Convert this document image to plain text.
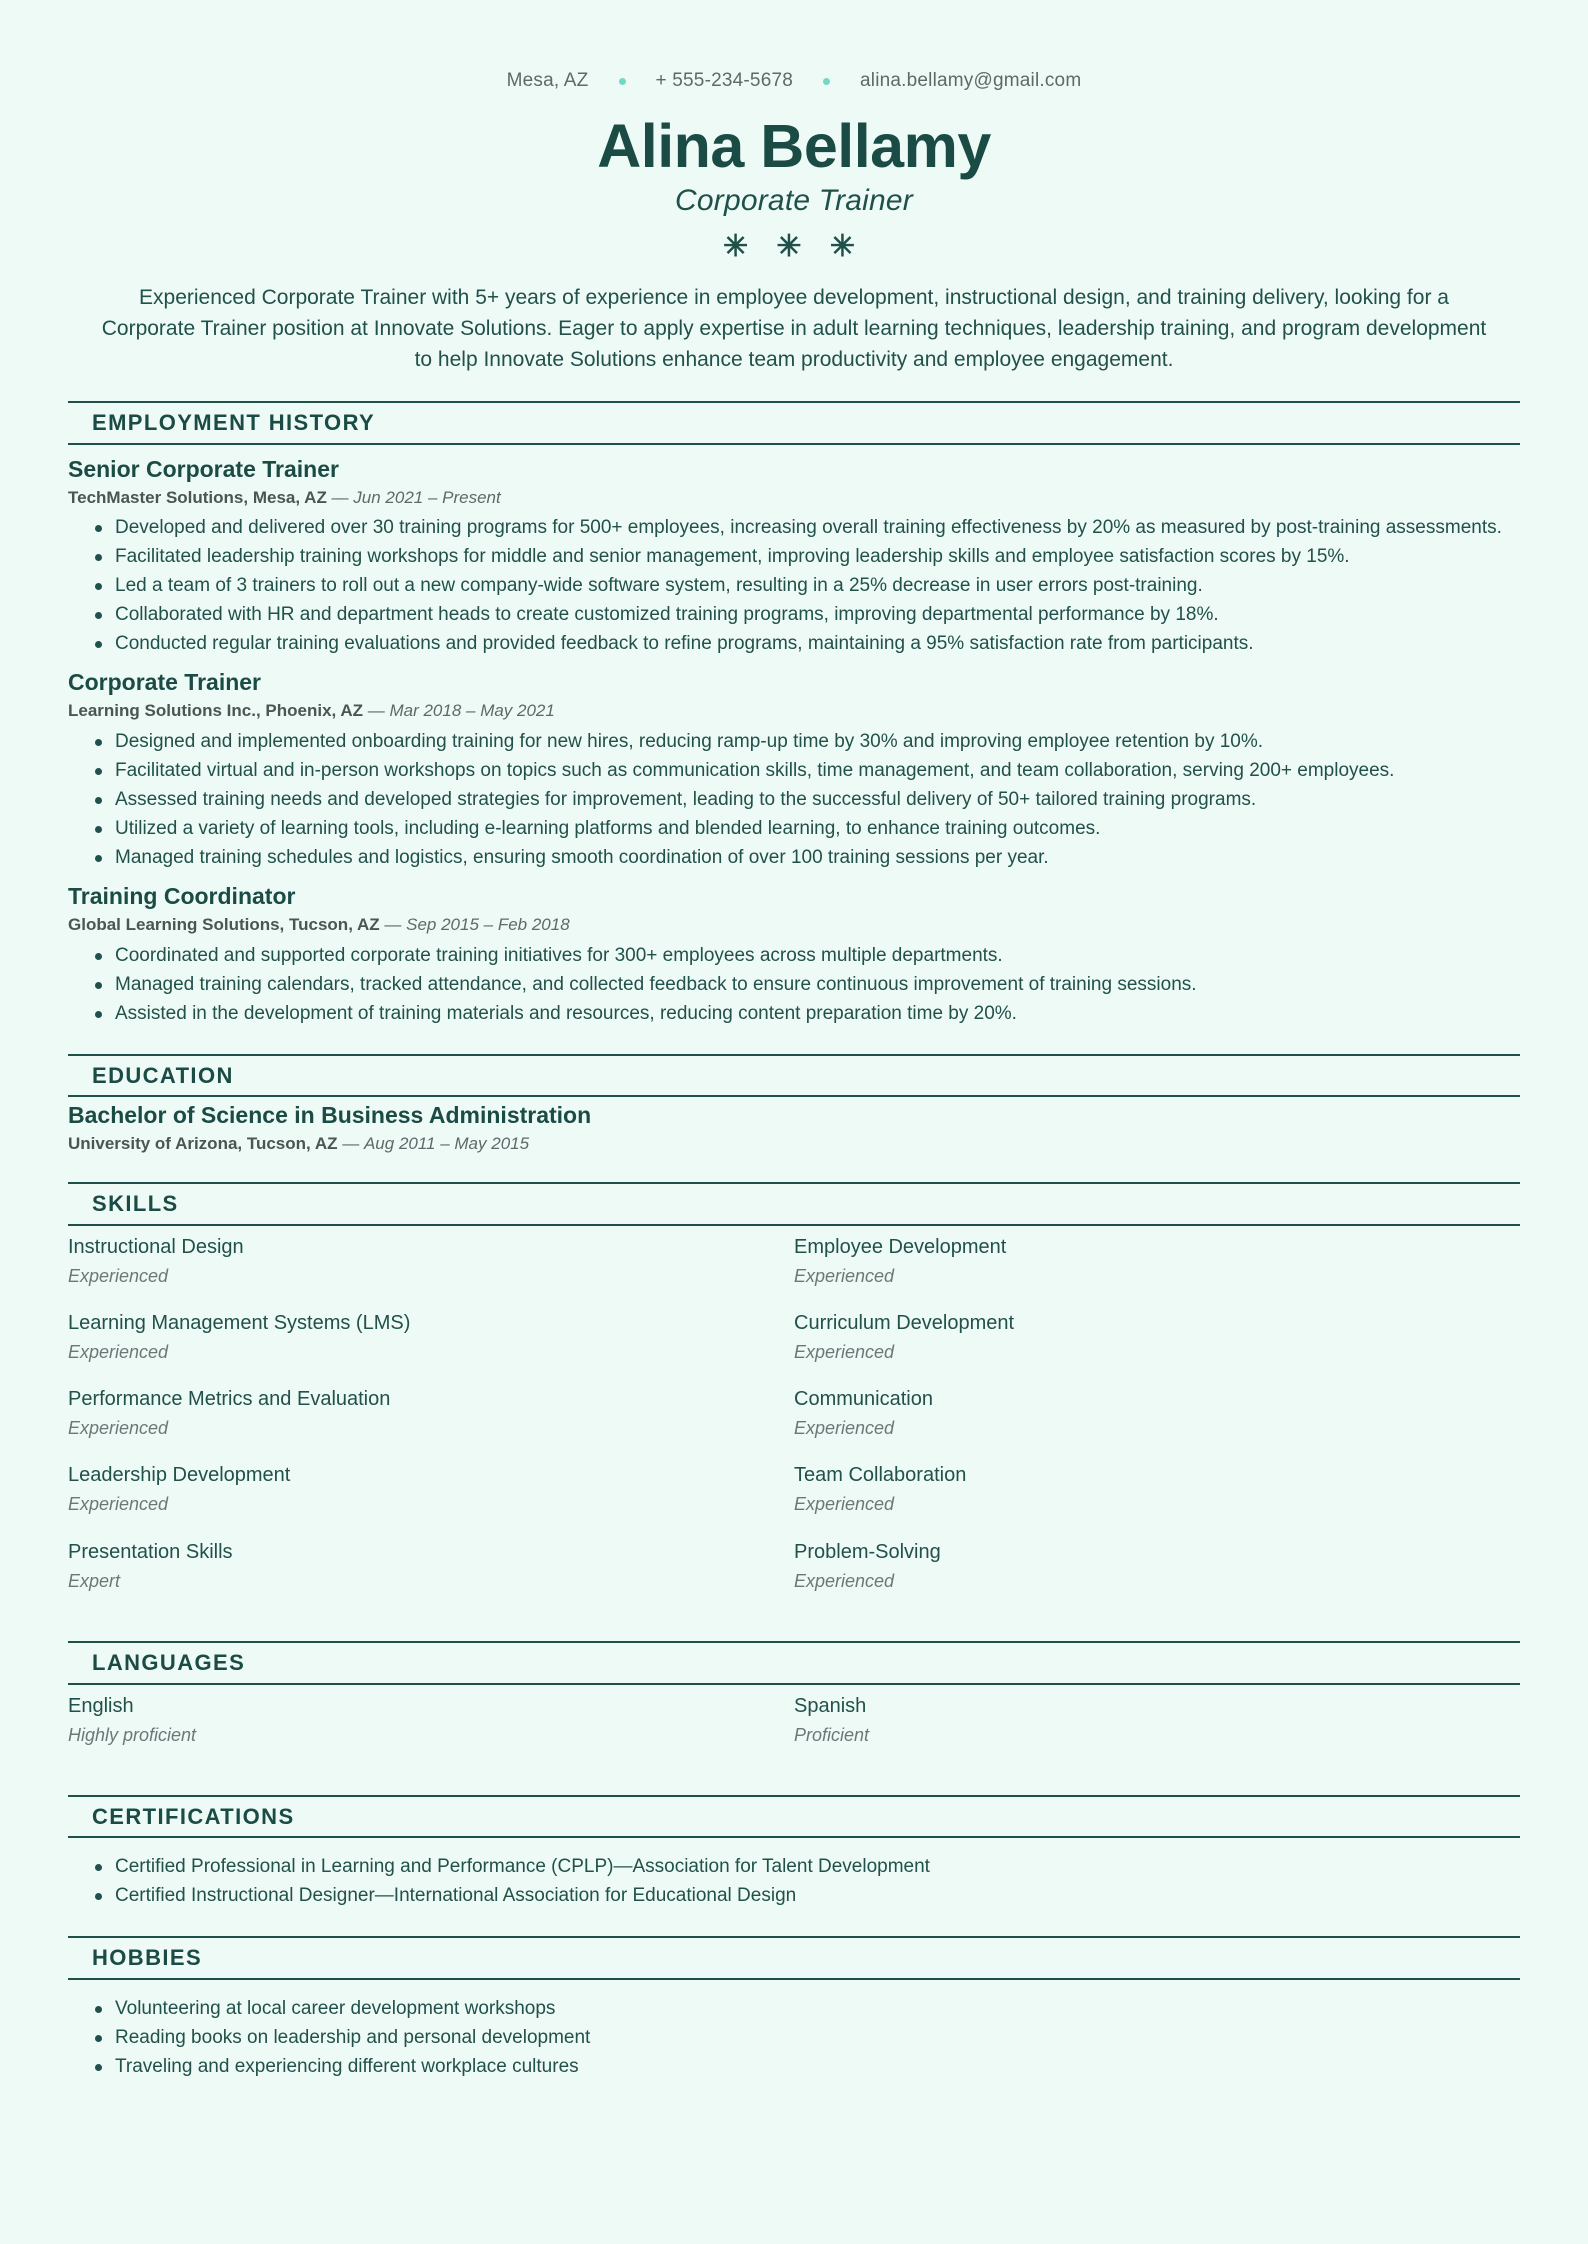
Mesa, AZ	+ 555-234-5678	alina.bellamy@gmail.com
Alina Bellamy
Corporate Trainer
✳ ✳ ✳

Experienced Corporate Trainer with 5+ years of experience in employee development, instructional design, and training delivery, looking for a Corporate Trainer position at Innovate Solutions. Eager to apply expertise in adult learning techniques, leadership training, and program development to help Innovate Solutions enhance team productivity and employee engagement.

EMPLOYMENT HISTORY
Senior Corporate Trainer
TechMaster Solutions, Mesa, AZ — Jun 2021 – Present
Developed and delivered over 30 training programs for 500+ employees, increasing overall training effectiveness by 20% as measured by post-training assessments.
Facilitated leadership training workshops for middle and senior management, improving leadership skills and employee satisfaction scores by 15%.
Led a team of 3 trainers to roll out a new company-wide software system, resulting in a 25% decrease in user errors post-training.
Collaborated with HR and department heads to create customized training programs, improving departmental performance by 18%.
Conducted regular training evaluations and provided feedback to refine programs, maintaining a 95% satisfaction rate from participants.
Corporate Trainer
Learning Solutions Inc., Phoenix, AZ — Mar 2018 – May 2021
Designed and implemented onboarding training for new hires, reducing ramp-up time by 30% and improving employee retention by 10%.
Facilitated virtual and in-person workshops on topics such as communication skills, time management, and team collaboration, serving 200+ employees.
Assessed training needs and developed strategies for improvement, leading to the successful delivery of 50+ tailored training programs.
Utilized a variety of learning tools, including e-learning platforms and blended learning, to enhance training outcomes.
Managed training schedules and logistics, ensuring smooth coordination of over 100 training sessions per year.
Training Coordinator
Global Learning Solutions, Tucson, AZ — Sep 2015 – Feb 2018
Coordinated and supported corporate training initiatives for 300+ employees across multiple departments.
Managed training calendars, tracked attendance, and collected feedback to ensure continuous improvement of training sessions.
Assisted in the development of training materials and resources, reducing content preparation time by 20%.
EDUCATION
Bachelor of Science in Business Administration
University of Arizona, Tucson, AZ — Aug 2011 – May 2015
SKILLS
Instructional Design
Experienced
Employee Development
Experienced
Learning Management Systems (LMS)
Experienced
Curriculum Development
Experienced
Performance Metrics and Evaluation
Experienced
Communication
Experienced
Leadership Development
Experienced
Team Collaboration
Experienced
Presentation Skills
Expert
Problem-Solving
Experienced
LANGUAGES
English
Highly proficient
Spanish
Proficient
CERTIFICATIONS
Certified Professional in Learning and Performance (CPLP)—Association for Talent Development
Certified Instructional Designer—International Association for Educational Design
HOBBIES
Volunteering at local career development workshops
Reading books on leadership and personal development
Traveling and experiencing different workplace cultures
